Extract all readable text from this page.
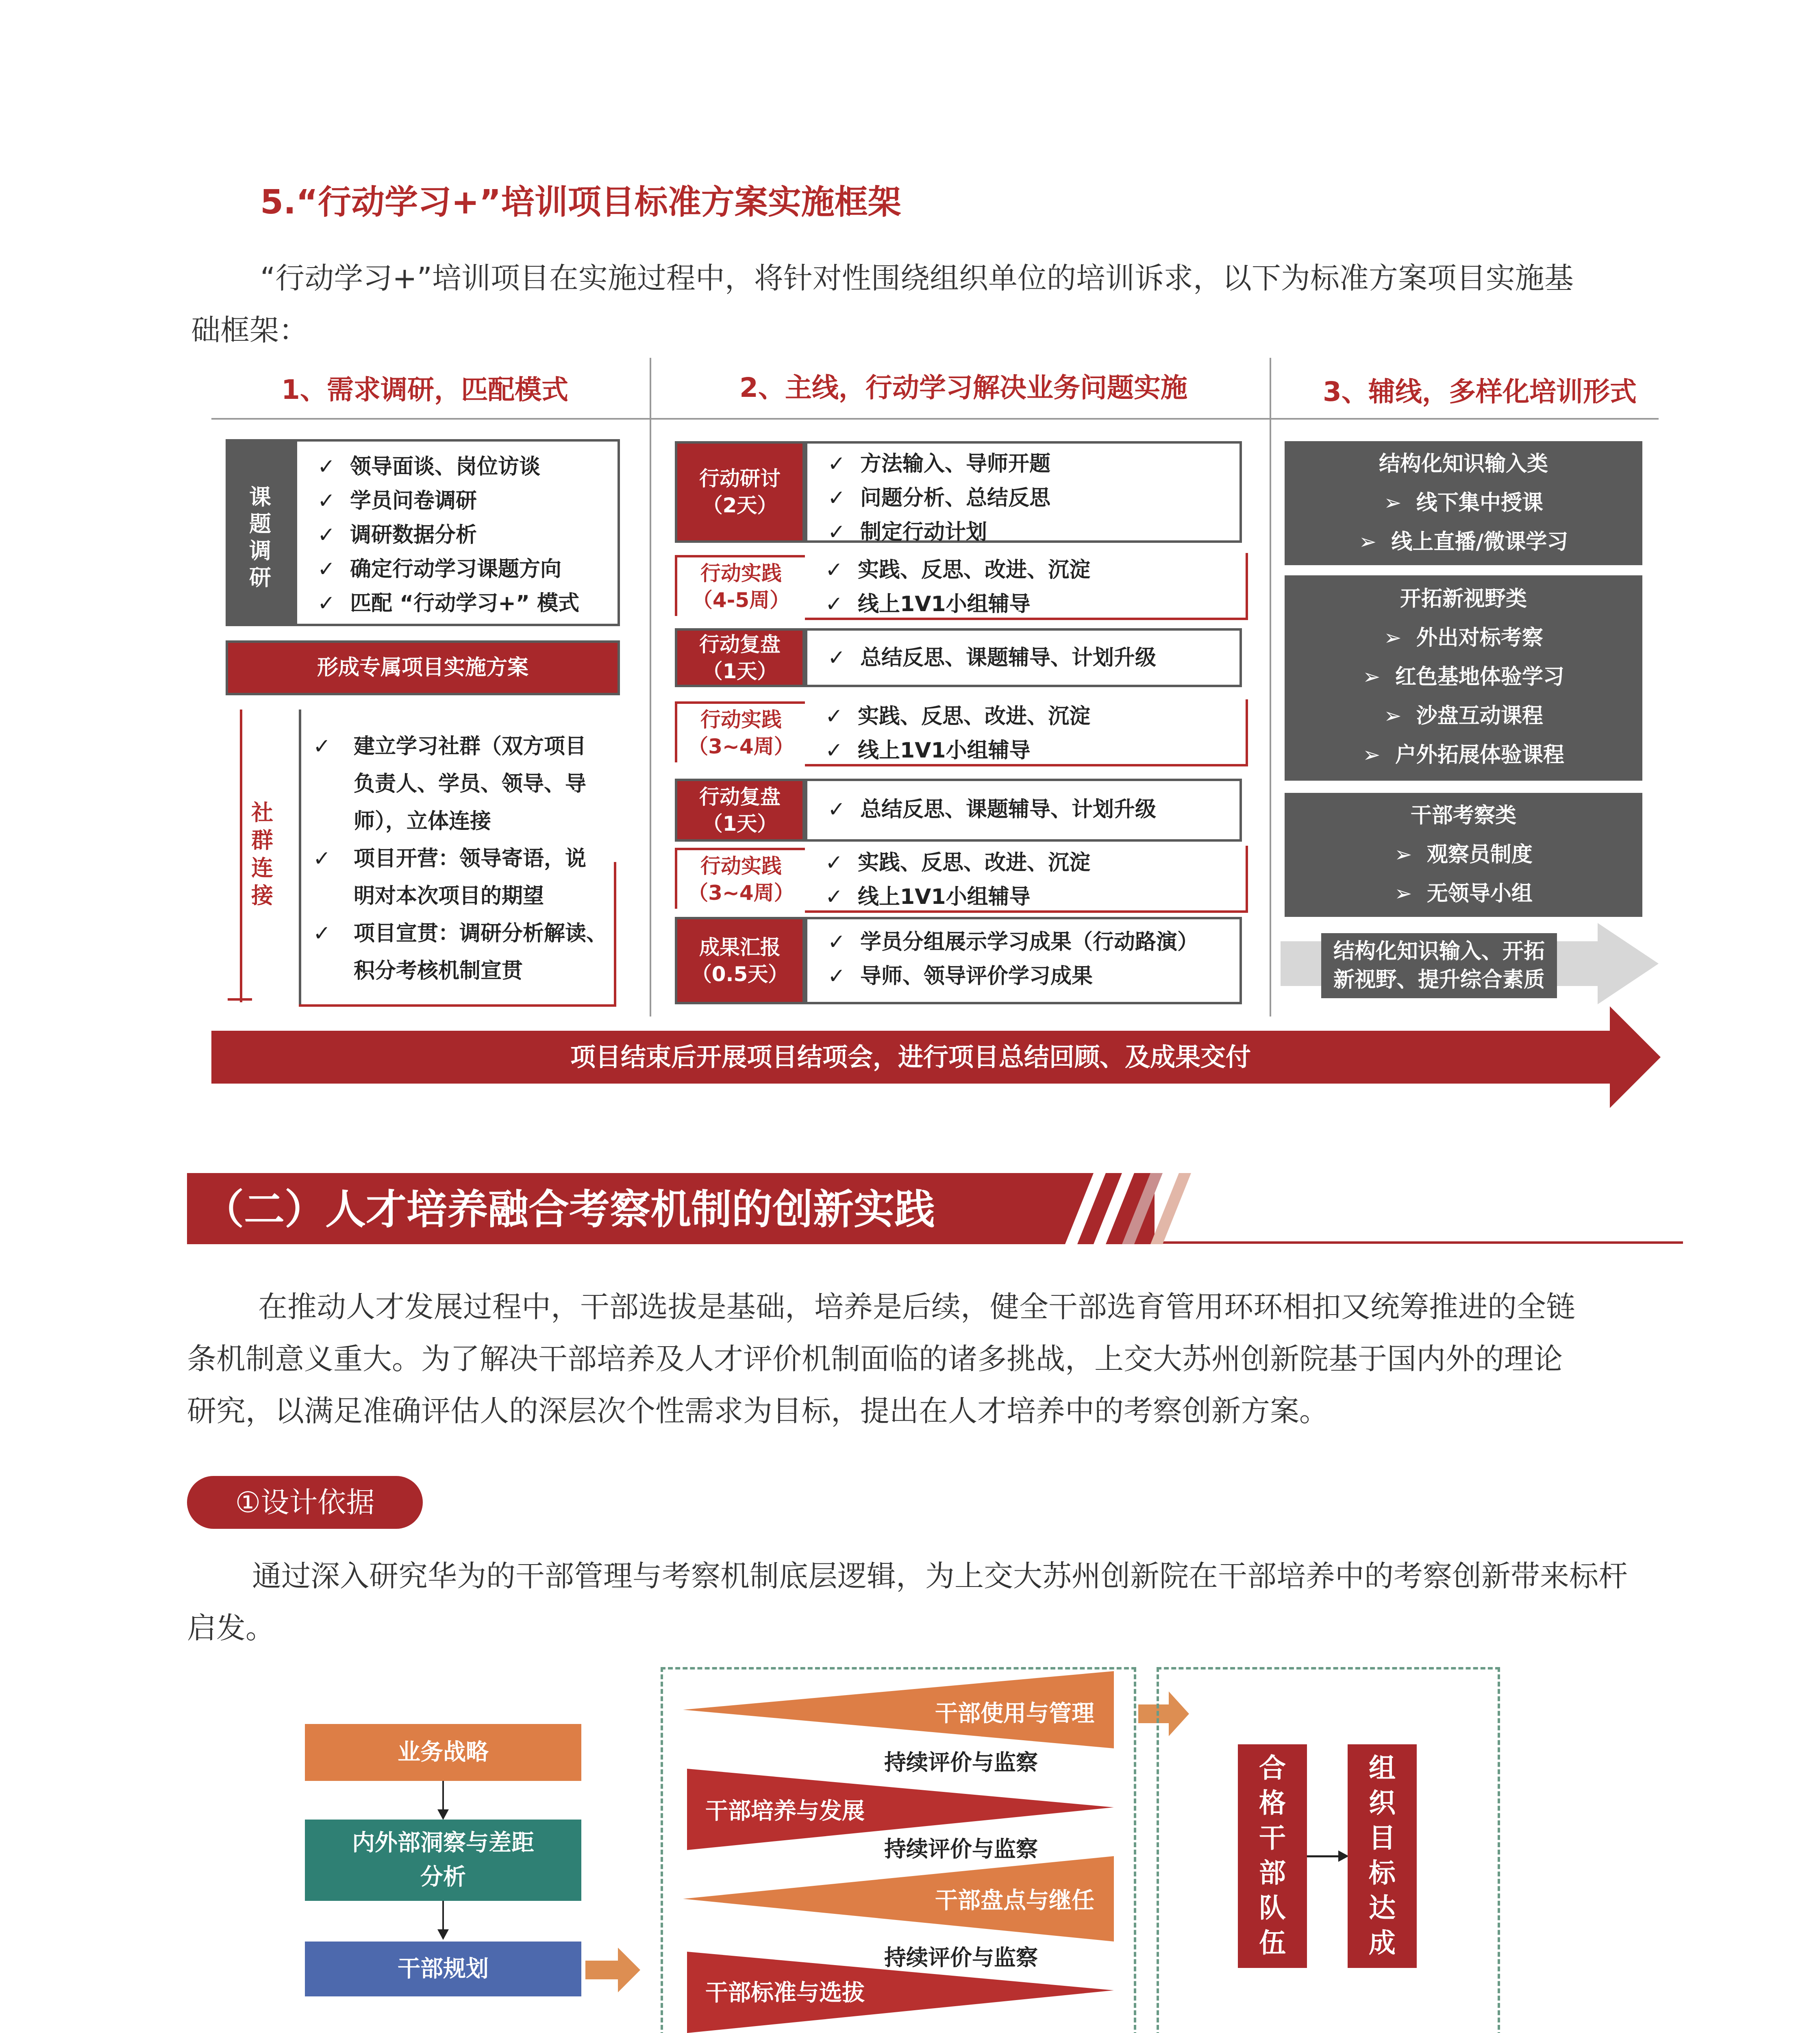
5.“行动学习+”培训项目标准方案实施框架
“行动学习+”培训项目在实施过程中，将针对性围绕组织单位的培训诉求，以下为标准方案项目实施基
础框架：
1、需求调研，匹配模式	2、主线，行动学习解决业务问题实施	3、辅线，多样化培训形式
课题调研
✓ 领导面谈、岗位访谈
✓ 学员问卷调研
✓ 调研数据分析
✓ 确定行动学习课题方向
✓ 匹配 “行动学习+” 模式
形成专属项目实施方案
社群连接
✓ 建立学习社群（双方项目
负责人、学员、领导、导
师），立体连接
✓ 项目开营：领导寄语，说
明对本次项目的期望
✓ 项目宣贯：调研分析解读、
积分考核机制宣贯
行动研讨
（2天）
✓ 方法输入、导师开题
✓ 问题分析、总结反思
✓ 制定行动计划
行动实践
（4-5周）
✓ 实践、反思、改进、沉淀
✓ 线上1V1小组辅导
行动复盘
（1天）
✓ 总结反思、课题辅导、计划升级
行动实践
（3~4周）
✓ 实践、反思、改进、沉淀
✓ 线上1V1小组辅导
行动复盘
（1天）
✓ 总结反思、课题辅导、计划升级
行动实践
（3~4周）
✓ 实践、反思、改进、沉淀
✓ 线上1V1小组辅导
成果汇报
（0.5天）
✓ 学员分组展示学习成果（行动路演）
✓ 导师、领导评价学习成果
结构化知识输入类
➢  线下集中授课
➢  线上直播/微课学习
开拓新视野类
➢  外出对标考察
➢  红色基地体验学习
➢  沙盘互动课程
➢  户外拓展体验课程
干部考察类
➢  观察员制度
➢  无领导小组
结构化知识输入、开拓
新视野、提升综合素质
项目结束后开展项目结项会，进行项目总结回顾、及成果交付
（二）人才培养融合考察机制的创新实践
在推动人才发展过程中，干部选拔是基础，培养是后续，健全干部选育管用环环相扣又统筹推进的全链
条机制意义重大。为了解决干部培养及人才评价机制面临的诸多挑战，上交大苏州创新院基于国内外的理论
研究，以满足准确评估人的深层次个性需求为目标，提出在人才培养中的考察创新方案。
①设计依据
通过深入研究华为的干部管理与考察机制底层逻辑，为上交大苏州创新院在干部培养中的考察创新带来标杆
启发。
业务战略
内外部洞察与差距
分析
干部规划
干部使用与管理
持续评价与监察
干部培养与发展
持续评价与监察
干部盘点与继任
持续评价与监察
干部标准与选拔
合
格
干
部
队
伍
组
织
目
标
达
成
